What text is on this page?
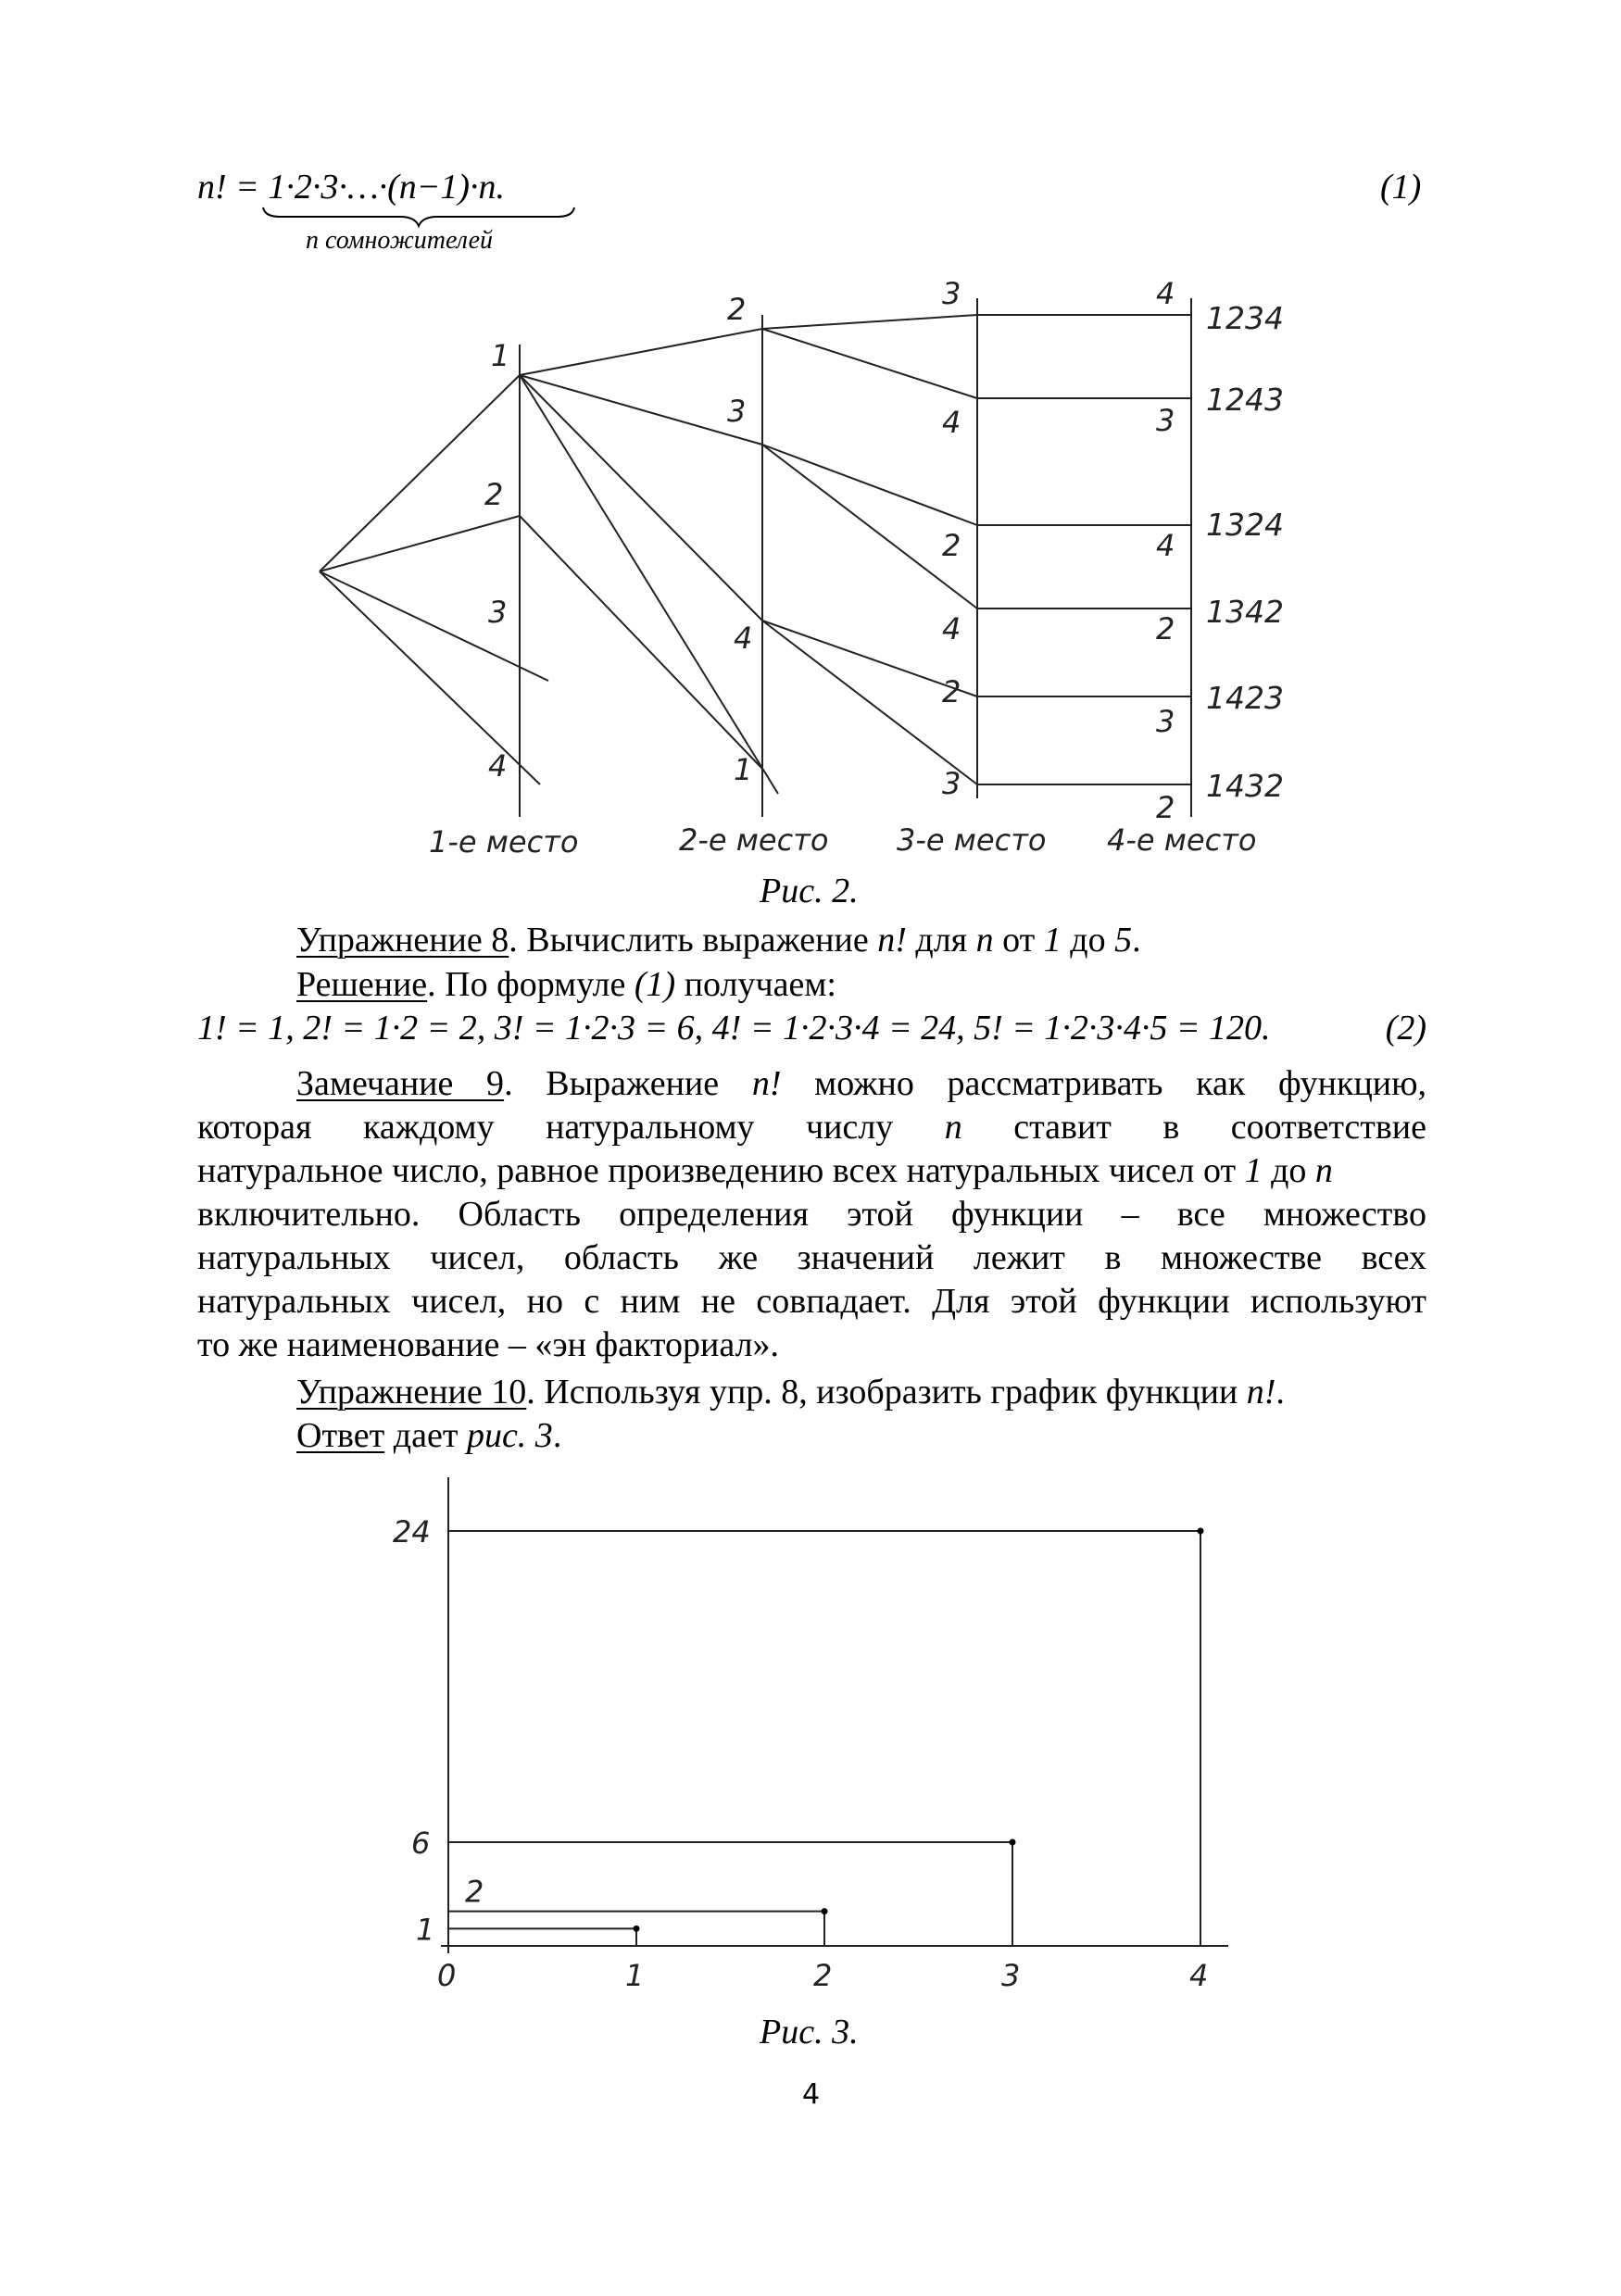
n! = 1·2·3·…·(n−1)·n.
n сомножителей
(1)
1
2
3
4
2
3
4
1
3
4
2
4
2
3
4
3
4
2
3
2
1234
1243
1324
1342
1423
1432
1-е место	2-е место 3-е место 4-е место
Рис. 2.
Упражнение 8. Вычислить выражение n! для n от 1 до 5.
Решение. По формуле (1) получаем:
1! = 1, 2! = 1·2 = 2, 3! = 1·2·3 = 6, 4! = 1·2·3·4 = 24, 5! = 1·2·3·4·5 = 120.	(2)
Замечание 9. Выражение n! можно рассматривать как функцию,
которая каждому натуральному числу n ставит в соответствие
натуральное число, равное произведению всех натуральных чисел от 1 до n
включительно. Область определения этой функции – все множество
натуральных чисел, область же значений лежит в множестве всех
натуральных чисел, но с ним не совпадает. Для этой функции используют
то же наименование – «эн факториал».
Упражнение 10. Используя упр. 8, изобразить график функции n!.
Ответ дает рис. 3.
0	1	2	3	4
1
2
6
24
Рис. 3.
4
